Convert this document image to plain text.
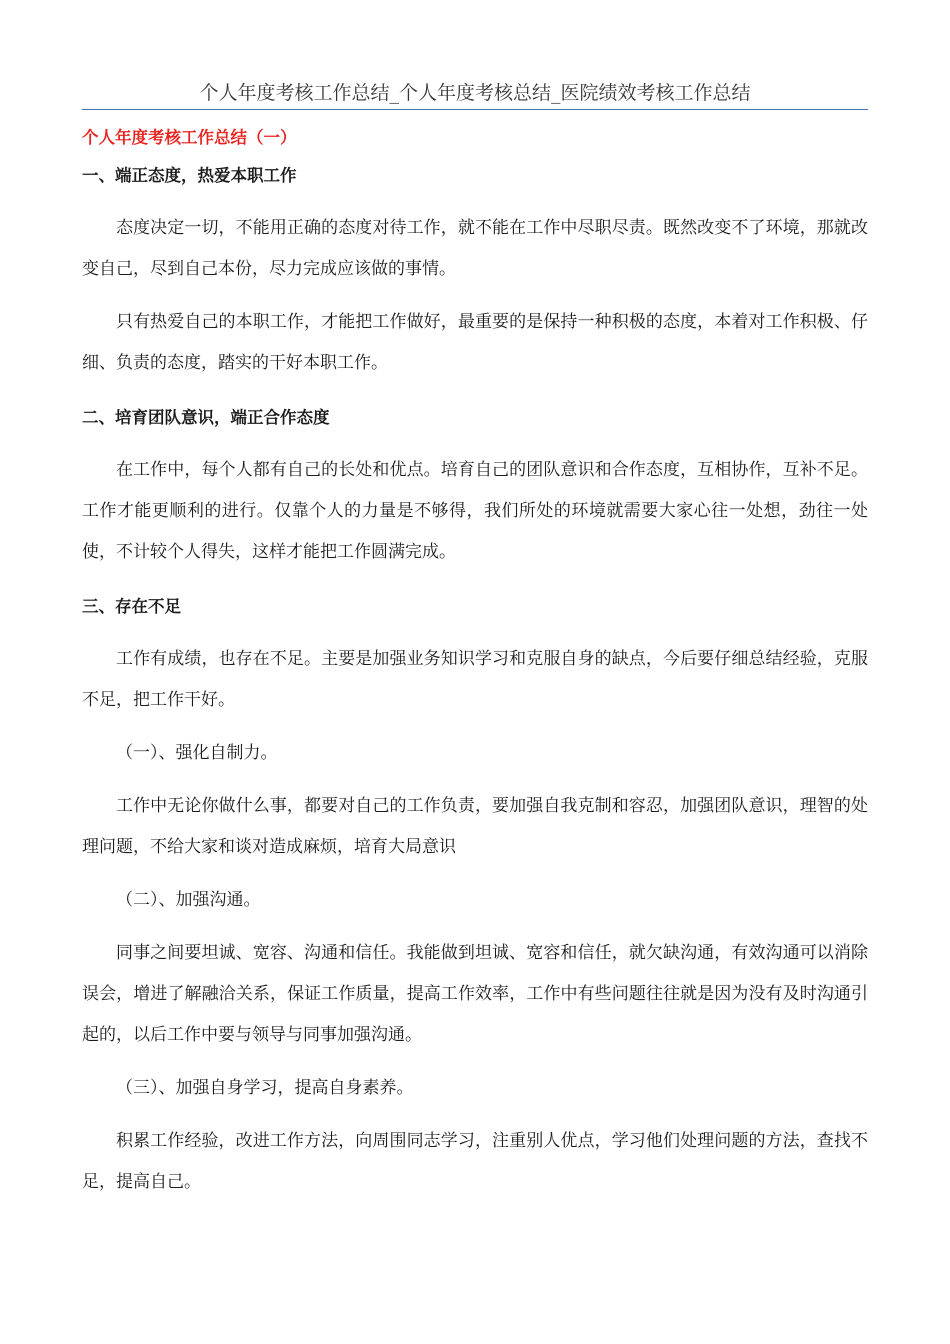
个人年度考核工作总结_个人年度考核总结_医院绩效考核工作总结
个人年度考核工作总结（一）
一、端正态度，热爱本职工作

态度决定一切，不能用正确的态度对待工作，就不能在工作中尽职尽责。既然改变不了环境，那就改变自己，尽到自己本份，尽力完成应该做的事情。

只有热爱自己的本职工作，才能把工作做好，最重要的是保持一种积极的态度，本着对工作积极、仔细、负责的态度，踏实的干好本职工作。

二、培育团队意识，端正合作态度

在工作中，每个人都有自己的长处和优点。培育自己的团队意识和合作态度，互相协作，互补不足。工作才能更顺利的进行。仅靠个人的力量是不够得，我们所处的环境就需要大家心往一处想，劲往一处使，不计较个人得失，这样才能把工作圆满完成。

三、存在不足

工作有成绩，也存在不足。主要是加强业务知识学习和克服自身的缺点，今后要仔细总结经验，克服不足，把工作干好。

（一）、强化自制力。

工作中无论你做什么事，都要对自己的工作负责，要加强自我克制和容忍，加强团队意识，理智的处理问题，不给大家和谈对造成麻烦，培育大局意识

（二）、加强沟通。

同事之间要坦诚、宽容、沟通和信任。我能做到坦诚、宽容和信任，就欠缺沟通，有效沟通可以消除误会，增进了解融洽关系，保证工作质量，提高工作效率，工作中有些问题往往就是因为没有及时沟通引起的，以后工作中要与领导与同事加强沟通。

（三）、加强自身学习，提高自身素养。

积累工作经验，改进工作方法，向周围同志学习，注重别人优点，学习他们处理问题的方法，查找不足，提高自己。
